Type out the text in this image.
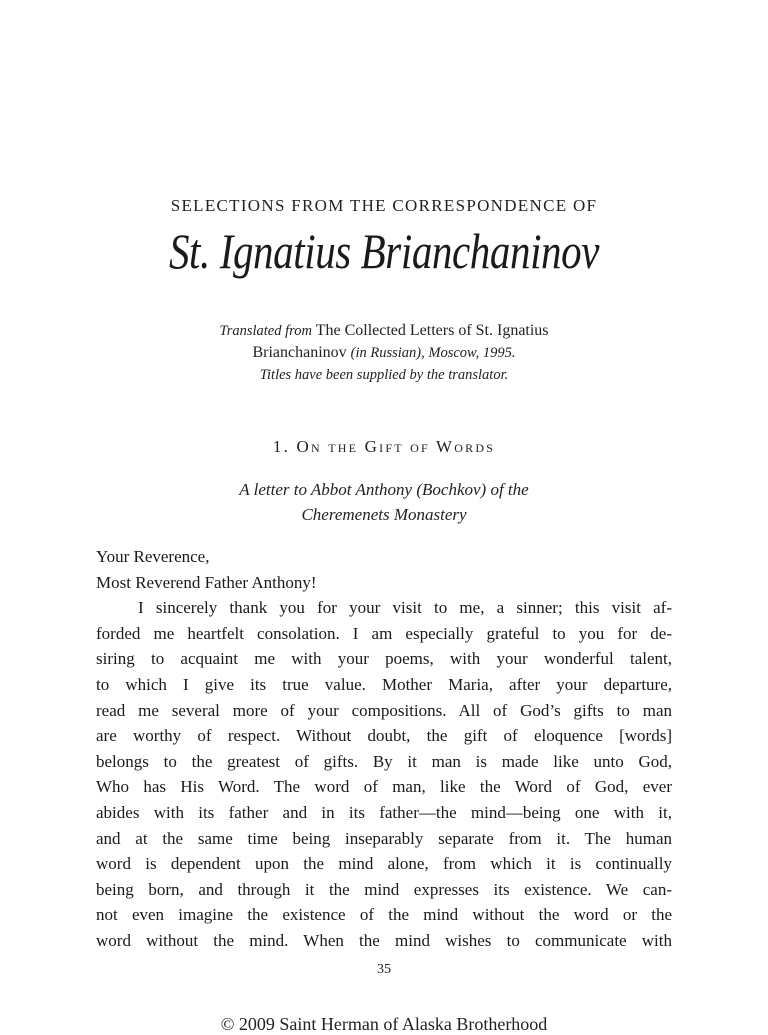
SELECTIONS FROM THE CORRESPONDENCE OF
St. Ignatius Brianchaninov
Translated from The Collected Letters of St. Ignatius
Brianchaninov (in Russian), Moscow, 1995.
Titles have been supplied by the translator.
1. On the Gift of Words
A letter to Abbot Anthony (Bochkov) of the
Cheremenets Monastery
Your Reverence,
Most Reverend Father Anthony!
I sincerely thank you for your visit to me, a sinner; this visit af-
forded me heartfelt consolation. I am especially grateful to you for de-
siring to acquaint me with your poems, with your wonderful talent,
to which I give its true value. Mother Maria, after your departure,
read me several more of your compositions. All of God’s gifts to man
are worthy of respect. Without doubt, the gift of eloquence [words]
belongs to the greatest of gifts. By it man is made like unto God,
Who has His Word. The word of man, like the Word of God, ever
abides with its father and in its father—the mind—being one with it,
and at the same time being inseparably separate from it. The human
word is dependent upon the mind alone, from which it is continually
being born, and through it the mind expresses its existence. We can-
not even imagine the existence of the mind without the word or the
word without the mind. When the mind wishes to communicate with
35
© 2009 Saint Herman of Alaska Brotherhood
